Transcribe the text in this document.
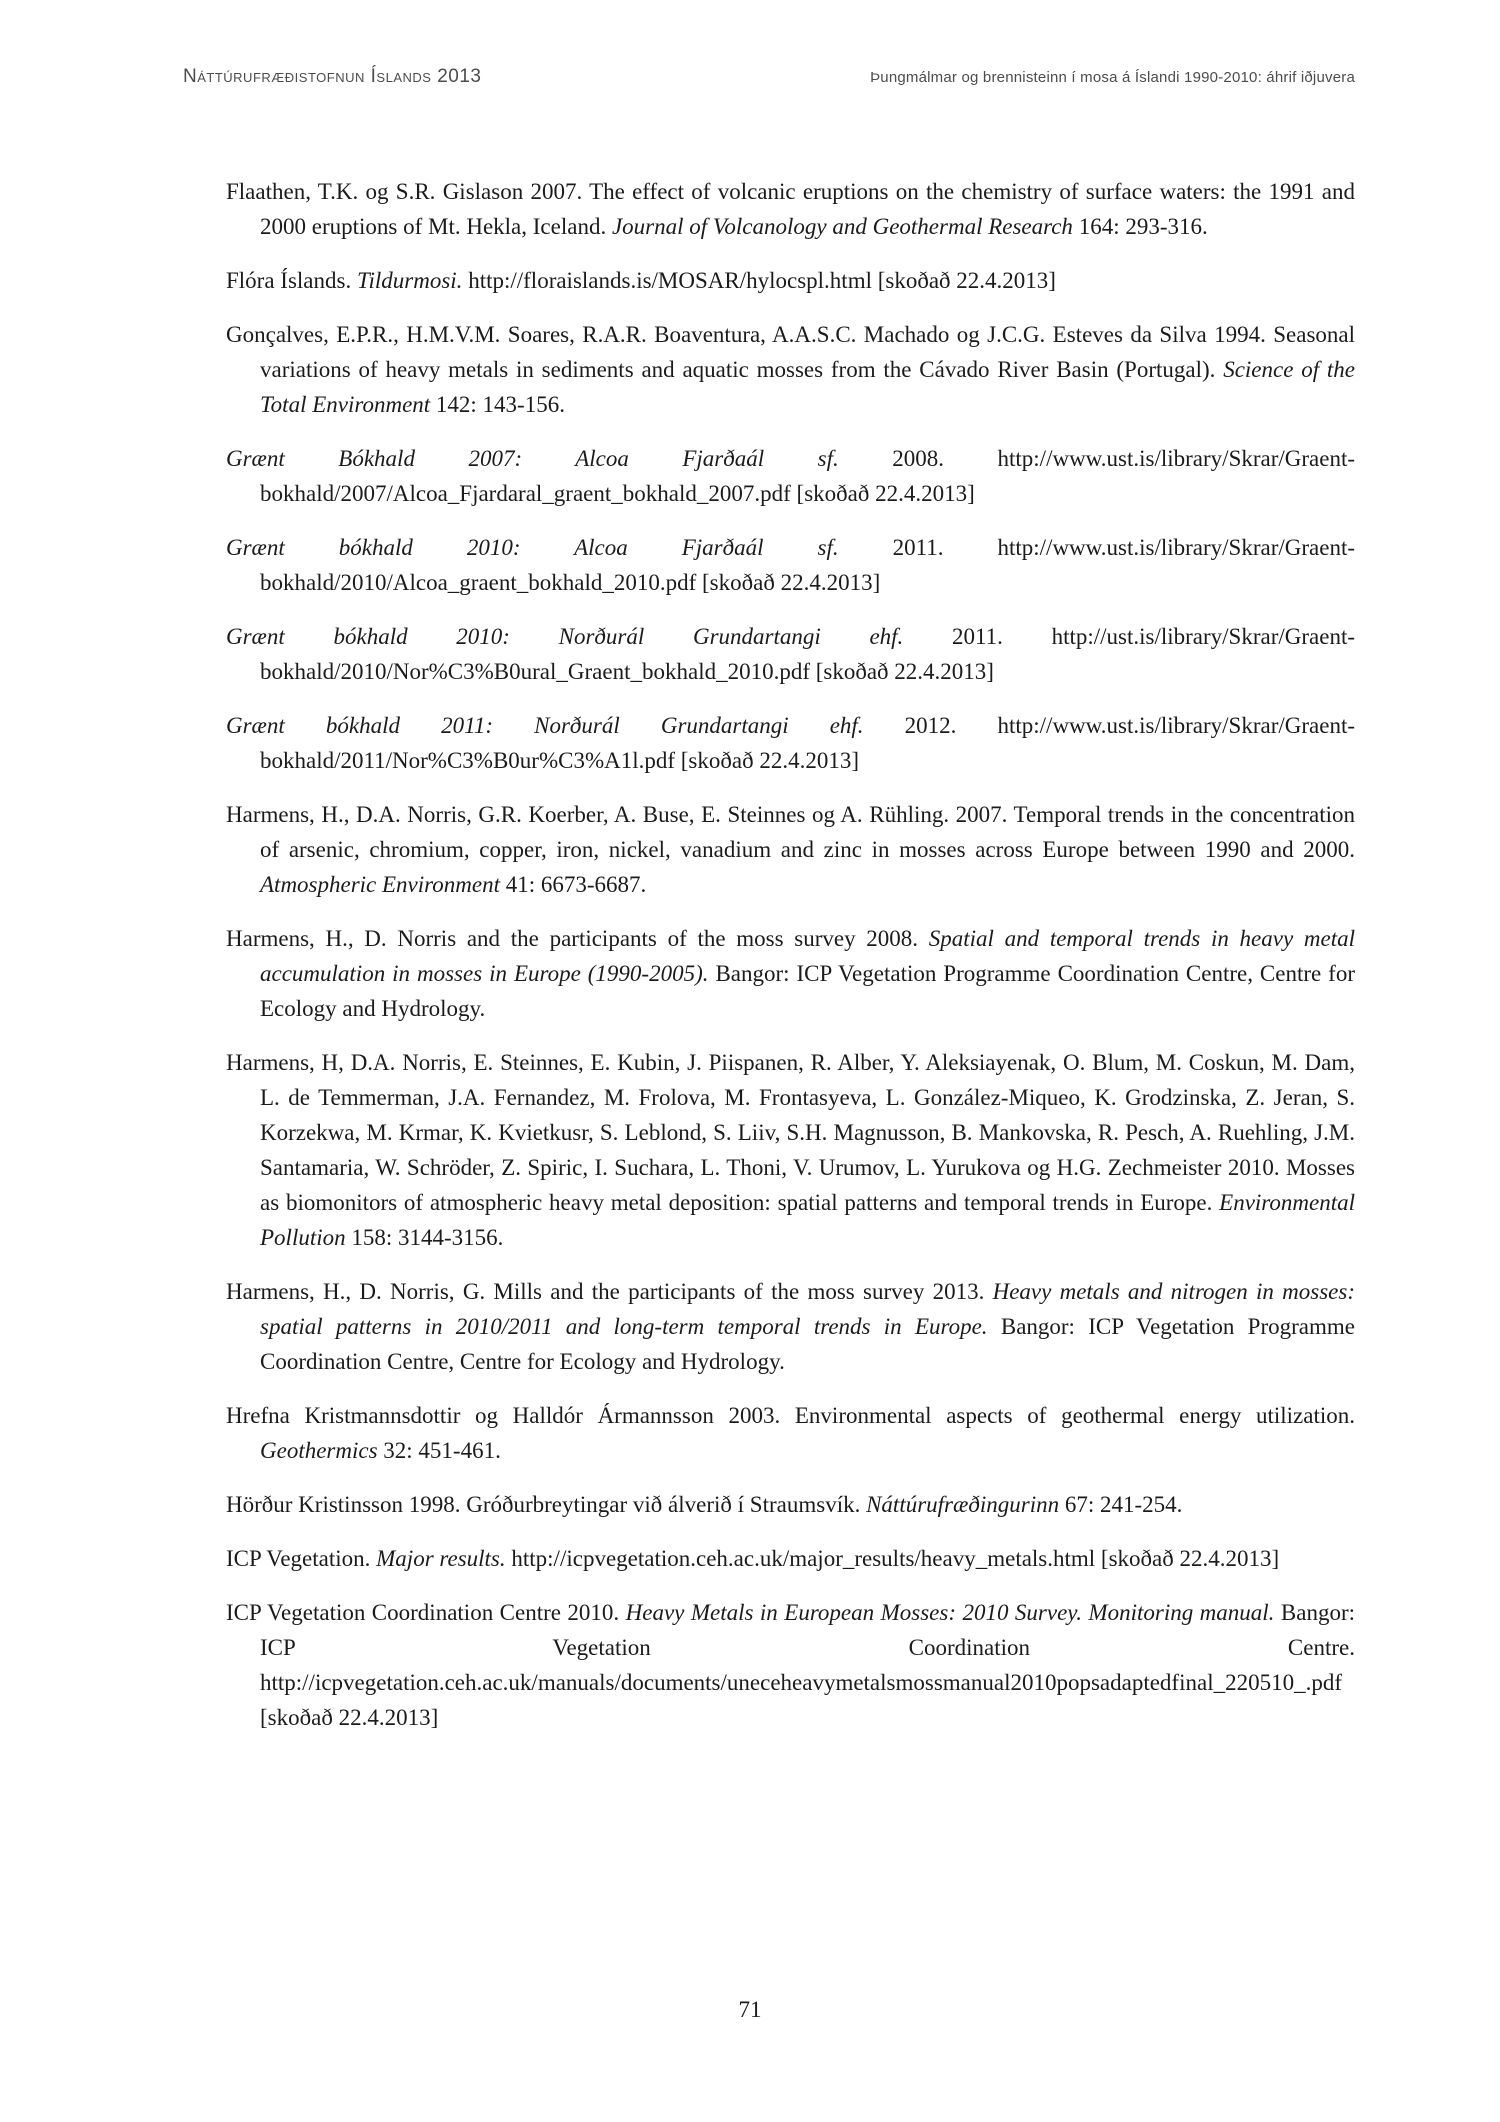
Náttúrufræðistofnun Íslands 2013	Þungmálmar og brennisteinn í mosa á Íslandi 1990-2010: áhrif iðjuvera

Flaathen, T.K. og S.R. Gislason 2007. The effect of volcanic eruptions on the chemistry of surface waters: the 1991 and 2000 eruptions of Mt. Hekla, Iceland. Journal of Volcanology and Geothermal Research 164: 293-316.

Flóra Íslands. Tildurmosi. http://floraislands.is/MOSAR/hylocspl.html [skoðað 22.4.2013]

Gonçalves, E.P.R., H.M.V.M. Soares, R.A.R. Boaventura, A.A.S.C. Machado og J.C.G. Esteves da Silva 1994. Seasonal variations of heavy metals in sediments and aquatic mosses from the Cávado River Basin (Portugal). Science of the Total Environment 142: 143-156.

Grænt Bókhald 2007: Alcoa Fjarðaál sf. 2008. http://www.ust.is/library/Skrar/Graent-bokhald/2007/Alcoa_Fjardaral_graent_bokhald_2007.pdf [skoðað 22.4.2013]

Grænt bókhald 2010: Alcoa Fjarðaál sf. 2011. http://www.ust.is/library/Skrar/Graent-bokhald/2010/Alcoa_graent_bokhald_2010.pdf [skoðað 22.4.2013]

Grænt bókhald 2010: Norðurál Grundartangi ehf. 2011. http://ust.is/library/Skrar/Graent-bokhald/2010/Nor%C3%B0ural_Graent_bokhald_2010.pdf [skoðað 22.4.2013]

Grænt bókhald 2011: Norðurál Grundartangi ehf. 2012. http://www.ust.is/library/Skrar/Graent-bokhald/2011/Nor%C3%B0ur%C3%A1l.pdf [skoðað 22.4.2013]

Harmens, H., D.A. Norris, G.R. Koerber, A. Buse, E. Steinnes og A. Rühling. 2007. Temporal trends in the concentration of arsenic, chromium, copper, iron, nickel, vanadium and zinc in mosses across Europe between 1990 and 2000. Atmospheric Environment 41: 6673-6687.

Harmens, H., D. Norris and the participants of the moss survey 2008. Spatial and temporal trends in heavy metal accumulation in mosses in Europe (1990-2005). Bangor: ICP Vegetation Programme Coordination Centre, Centre for Ecology and Hydrology.

Harmens, H, D.A. Norris, E. Steinnes, E. Kubin, J. Piispanen, R. Alber, Y. Aleksiayenak, O. Blum, M. Coskun, M. Dam, L. de Temmerman, J.A. Fernandez, M. Frolova, M. Frontasyeva, L. González-Miqueo, K. Grodzinska, Z. Jeran, S. Korzekwa, M. Krmar, K. Kvietkusr, S. Leblond, S. Liiv, S.H. Magnusson, B. Mankovska, R. Pesch, A. Ruehling, J.M. Santamaria, W. Schröder, Z. Spiric, I. Suchara, L. Thoni, V. Urumov, L. Yurukova og H.G. Zechmeister 2010. Mosses as biomonitors of atmospheric heavy metal deposition: spatial patterns and temporal trends in Europe. Environmental Pollution 158: 3144-3156.

Harmens, H., D. Norris, G. Mills and the participants of the moss survey 2013. Heavy metals and nitrogen in mosses: spatial patterns in 2010/2011 and long-term temporal trends in Europe. Bangor: ICP Vegetation Programme Coordination Centre, Centre for Ecology and Hydrology.

Hrefna Kristmannsdottir og Halldór Ármannsson 2003. Environmental aspects of geothermal energy utilization. Geothermics 32: 451-461.

Hörður Kristinsson 1998. Gróðurbreytingar við álverið í Straumsvík. Náttúrufræðingurinn 67: 241-254.

ICP Vegetation. Major results. http://icpvegetation.ceh.ac.uk/major_results/heavy_metals.html [skoðað 22.4.2013]

ICP Vegetation Coordination Centre 2010. Heavy Metals in European Mosses: 2010 Survey. Monitoring manual. Bangor: ICP Vegetation Coordination Centre. http://icpvegetation.ceh.ac.uk/manuals/documents/uneceheavymetalsmossmanual2010popsadaptedfinal_220510_.pdf [skoðað 22.4.2013]

71
